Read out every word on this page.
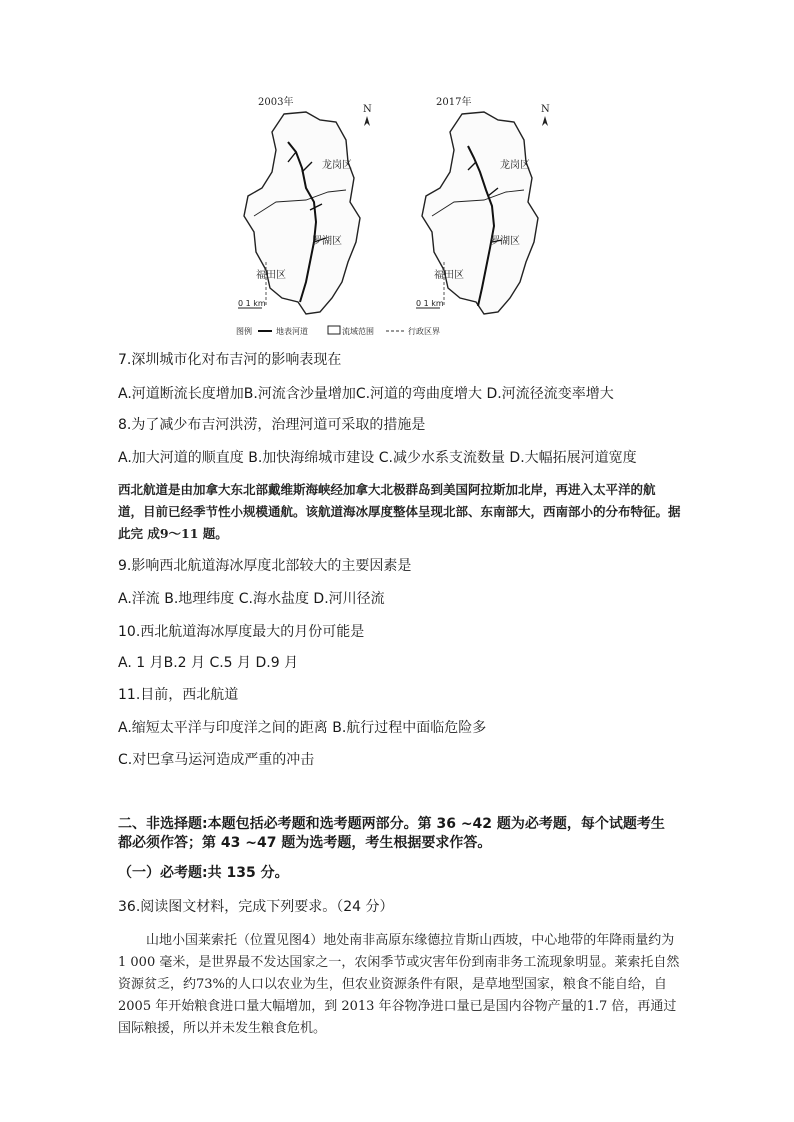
2003年
龙岗区
罗湖区
福田区
0 1 km
N
2017年
龙岗区
罗湖区
福田区
0 1 km
N
图例	地表河道	流域范围	行政区界
7.深圳城市化对布吉河的影响表现在
A.河道断流长度增加B.河流含沙量增加C.河道的弯曲度增大 D.河流径流变率增大
8.为了减少布吉河洪涝，治理河道可采取的措施是
A.加大河道的顺直度 B.加快海绵城市建设 C.减少水系支流数量 D.大幅拓展河道宽度
西北航道是由加拿大东北部戴维斯海峡经加拿大北极群岛到美国阿拉斯加北岸，再进入太平洋的航 道，目前已经季节性小规模通航。该航道海冰厚度整体呈现北部、东南部大，西南部小的分布特征。据此完 成9～11 题。
9.影响西北航道海冰厚度北部较大的主要因素是
A.洋流 B.地理纬度 C.海水盐度 D.河川径流
10.西北航道海冰厚度最大的月份可能是
A. 1 月B.2 月 C.5 月 D.9 月
11.目前，西北航道
A.缩短太平洋与印度洋之间的距离 B.航行过程中面临危险多
C.对巴拿马运河造成严重的冲击
二、非选择题:本题包括必考题和选考题两部分。第 36 ~42 题为必考题，每个试题考生
都必须作答；第 43 ~47 题为选考题，考生根据要求作答。
（一）必考题:共 135 分。
36.阅读图文材料，完成下列要求。（24 分）
山地小国莱索托（位置见图4）地处南非高原东缘德拉肯斯山西坡，中心地带的年降雨量约为 1 000 毫米，是世界最不发达国家之一，农闲季节或灾害年份到南非务工流现象明显。莱索托自然资源贫乏，约73%的人口以农业为生，但农业资源条件有限，是草地型国家，粮食不能自给，自2005 年开始粮食进口量大幅增加，到 2013 年谷物净进口量已是国内谷物产量的1.7 倍，再通过国际粮援，所以并未发生粮食危机。
